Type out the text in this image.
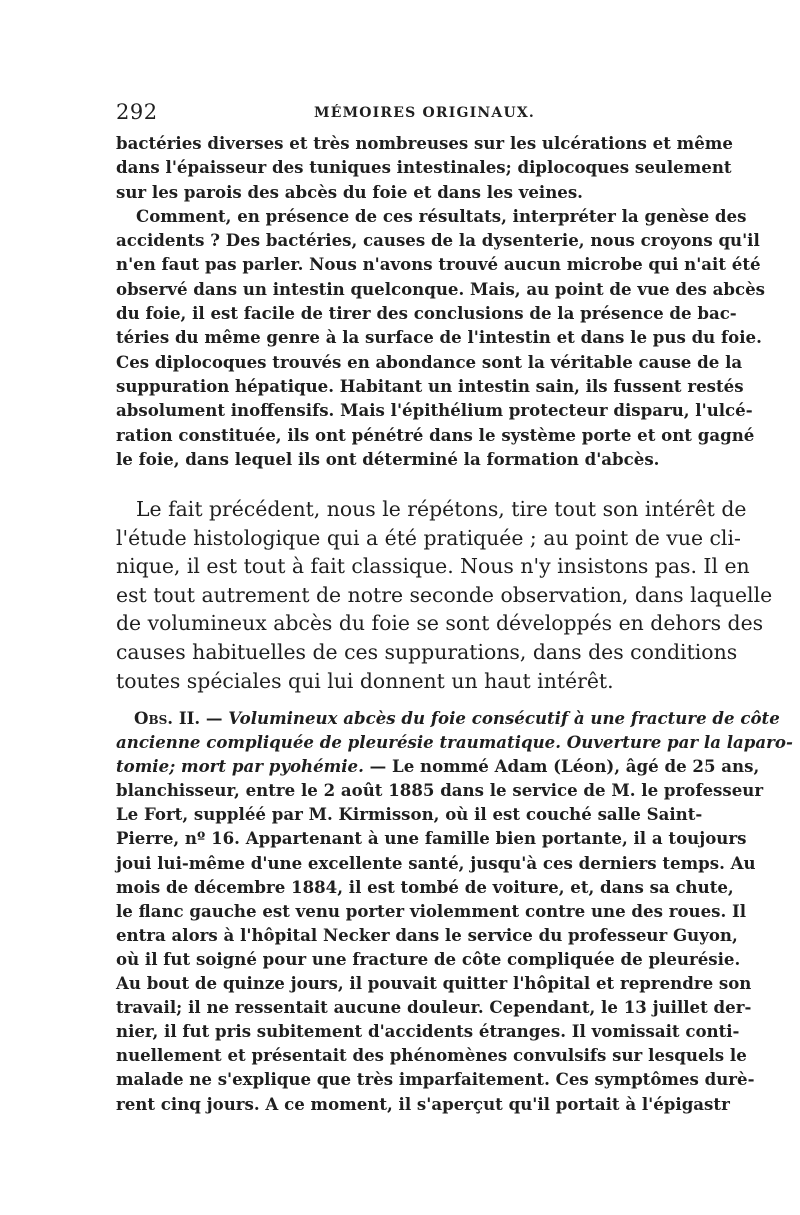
292	MÉMOIRES ORIGINAUX.
bactéries diverses et très nombreuses sur les ulcérations et même
dans l'épaisseur des tuniques intestinales; diplocoques seulement
sur les parois des abcès du foie et dans les veines.
Comment, en présence de ces résultats, interpréter la genèse des
accidents ? Des bactéries, causes de la dysenterie, nous croyons qu'il
n'en faut pas parler. Nous n'avons trouvé aucun microbe qui n'ait été
observé dans un intestin quelconque. Mais, au point de vue des abcès
du foie, il est facile de tirer des conclusions de la présence de bac-
téries du même genre à la surface de l'intestin et dans le pus du foie.
Ces diplocoques trouvés en abondance sont la véritable cause de la
suppuration hépatique. Habitant un intestin sain, ils fussent restés
absolument inoffensifs. Mais l'épithélium protecteur disparu, l'ulcé-
ration constituée, ils ont pénétré dans le système porte et ont gagné
le foie, dans lequel ils ont déterminé la formation d'abcès.
Le fait précédent, nous le répétons, tire tout son intérêt de
l'étude histologique qui a été pratiquée ; au point de vue cli-
nique, il est tout à fait classique. Nous n'y insistons pas. Il en
est tout autrement de notre seconde observation, dans laquelle
de volumineux abcès du foie se sont développés en dehors des
causes habituelles de ces suppurations, dans des conditions
toutes spéciales qui lui donnent un haut intérêt.
Obs. II. — Volumineux abcès du foie consécutif à une fracture de côte
ancienne compliquée de pleurésie traumatique. Ouverture par la laparo-
tomie; mort par pyohémie. — Le nommé Adam (Léon), âgé de 25 ans,
blanchisseur, entre le 2 août 1885 dans le service de M. le professeur
Le Fort, suppléé par M. Kirmisson, où il est couché salle Saint-
Pierre, nº 16. Appartenant à une famille bien portante, il a toujours
joui lui-même d'une excellente santé, jusqu'à ces derniers temps. Au
mois de décembre 1884, il est tombé de voiture, et, dans sa chute,
le flanc gauche est venu porter violemment contre une des roues. Il
entra alors à l'hôpital Necker dans le service du professeur Guyon,
où il fut soigné pour une fracture de côte compliquée de pleurésie.
Au bout de quinze jours, il pouvait quitter l'hôpital et reprendre son
travail; il ne ressentait aucune douleur. Cependant, le 13 juillet der-
nier, il fut pris subitement d'accidents étranges. Il vomissait conti-
nuellement et présentait des phénomènes convulsifs sur lesquels le
malade ne s'explique que très imparfaitement. Ces symptômes durè-
rent cinq jours. A ce moment, il s'aperçut qu'il portait à l'épigastr
